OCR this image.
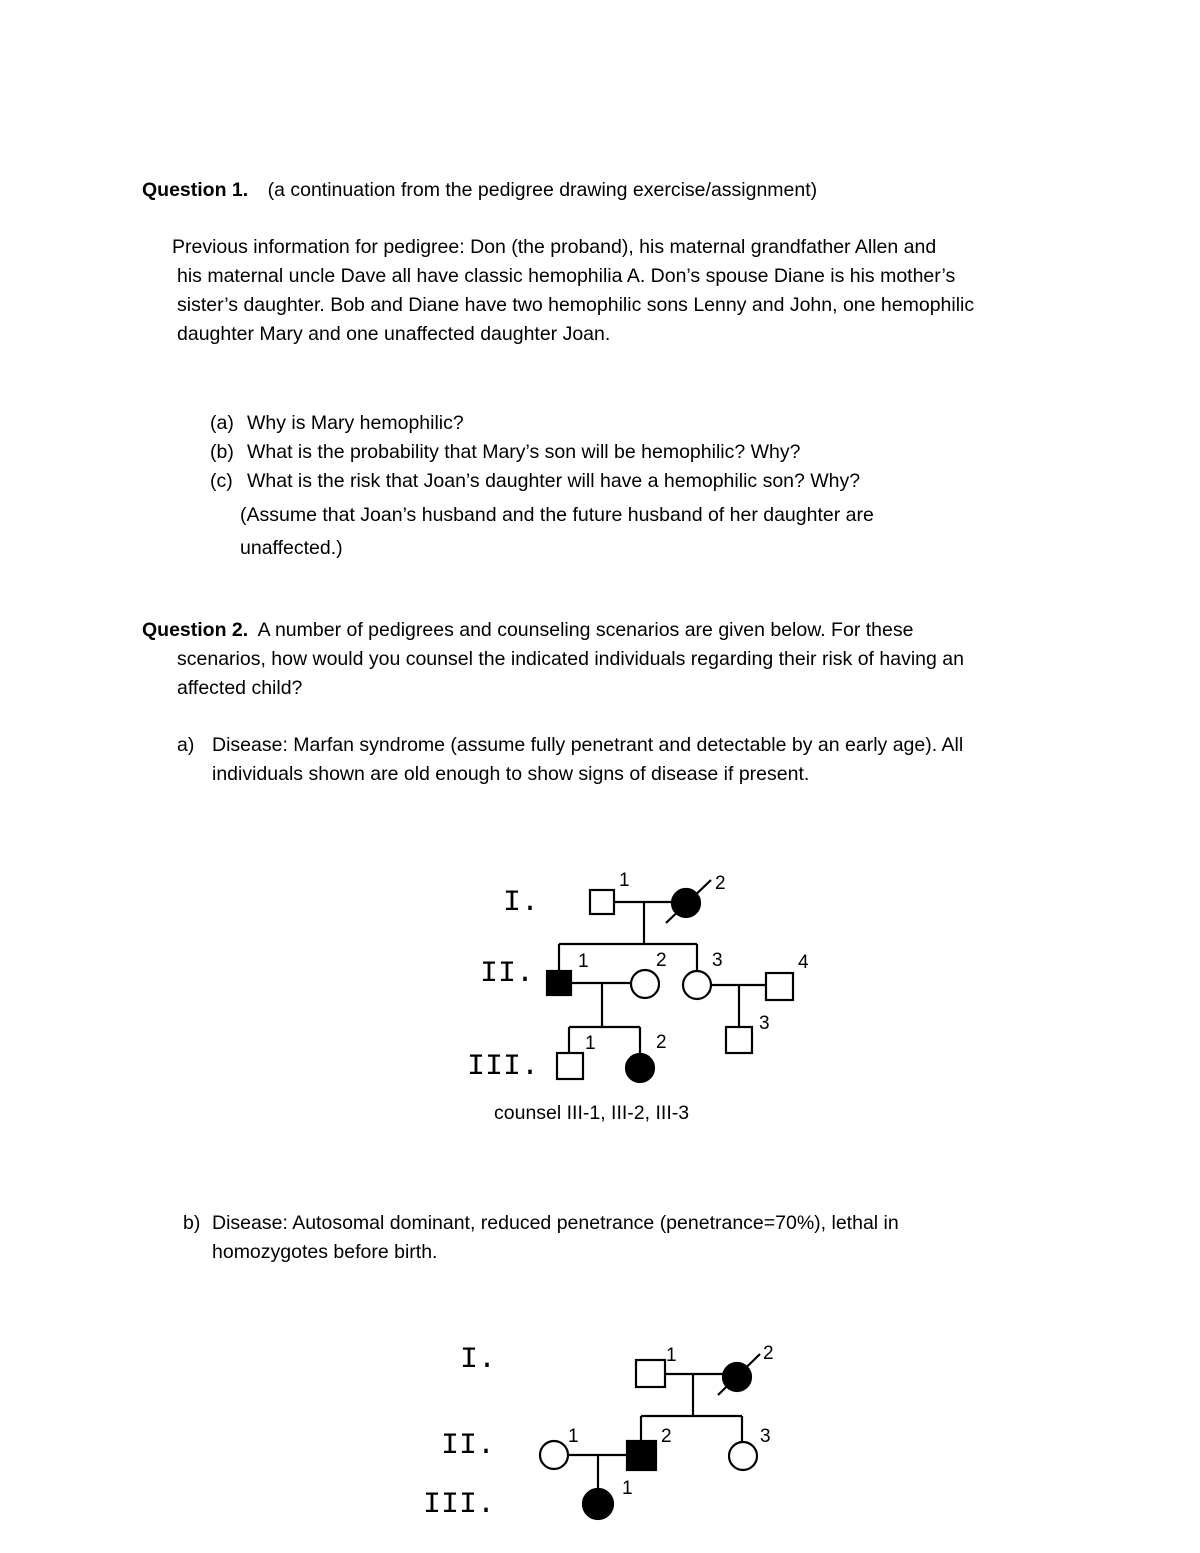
Question 1. (a continuation from the pedigree drawing exercise/assignment)
Previous information for pedigree: Don (the proband), his maternal grandfather Allen and
his maternal uncle Dave all have classic hemophilia A. Don’s spouse Diane is his mother’s
sister’s daughter. Bob and Diane have two hemophilic sons Lenny and John, one hemophilic
daughter Mary and one unaffected daughter Joan.
(a) Why is Mary hemophilic?
(b) What is the probability that Mary’s son will be hemophilic? Why?
(c) What is the risk that Joan’s daughter will have a hemophilic son? Why?
(Assume that Joan’s husband and the future husband of her daughter are
unaffected.)
Question 2. A number of pedigrees and counseling scenarios are given below. For these
scenarios, how would you counsel the indicated individuals regarding their risk of having an
affected child?
a) Disease: Marfan syndrome (assume fully penetrant and detectable by an early age). All
individuals shown are old enough to show signs of disease if present.
I.
II.
III.
1	2
1	2 3	4
1	2
3
counsel III-1, III-2, III-3
b) Disease: Autosomal dominant, reduced penetrance (penetrance=70%), lethal in
homozygotes before birth.
I.
II.
III.
1	2
1	2	3
1
